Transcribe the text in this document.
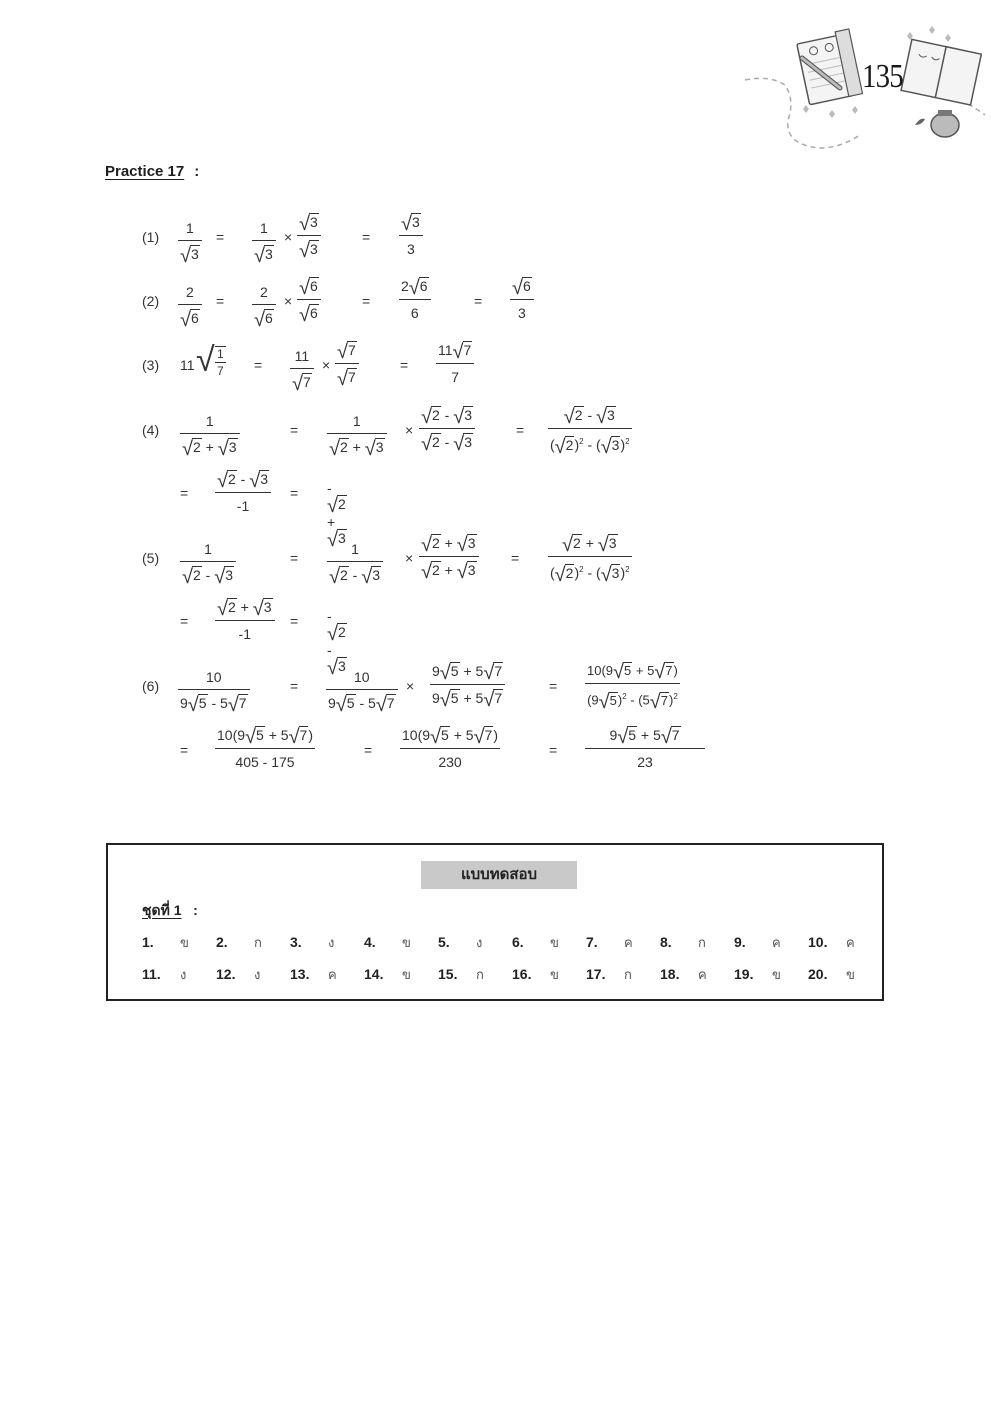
135
Practice 17 :
(1)
1
√3
=
1
√3
×
√3
√3
=
√3
3
(2)
2
√6
=
2
√6
×
√6
√6
=
2√6
6
=
√6
3
(3) 11 √ 1
7 =
11
√7
×
√7
√7
=
11√7
7
(4)
1
√2 + √3
=
1
√2 + √3
×
√2 - √3
√2 - √3
=
√2 - √3
$(√2)^2 - (√3)^2$
=
√2 - √3
-1
= -√2 + √3
(5)
1
√2 - √3
=
1
√2 - √3
×
√2 + √3
√2 + √3
=
√2 + √3
$(√2)^2 - (√3)^2$
=
√2 + √3
-1
= -√2 - √3
(6)
10
9√5 - 5√7
=
10
9√5 - 5√7
×
9√5 + 5√7
9√5 + 5√7
=
10(9√5 + 5√7)
$(9√5)^2 - (5√7)^2$
=
10(9√5 + 5√7)
405 - 175
=
10(9√5 + 5√7)
230
=
9√5 + 5√7
23
แบบทดสอบ
ชุดที่ 1 :
1. ข 2. ก 3. ง 4. ข 5. ง 6. ข 7. ค 8. ก 9. ค 10. ค
11. ง 12. ง 13. ค 14. ข 15. ก 16. ข 17. ก 18. ค 19. ข 20. ข
